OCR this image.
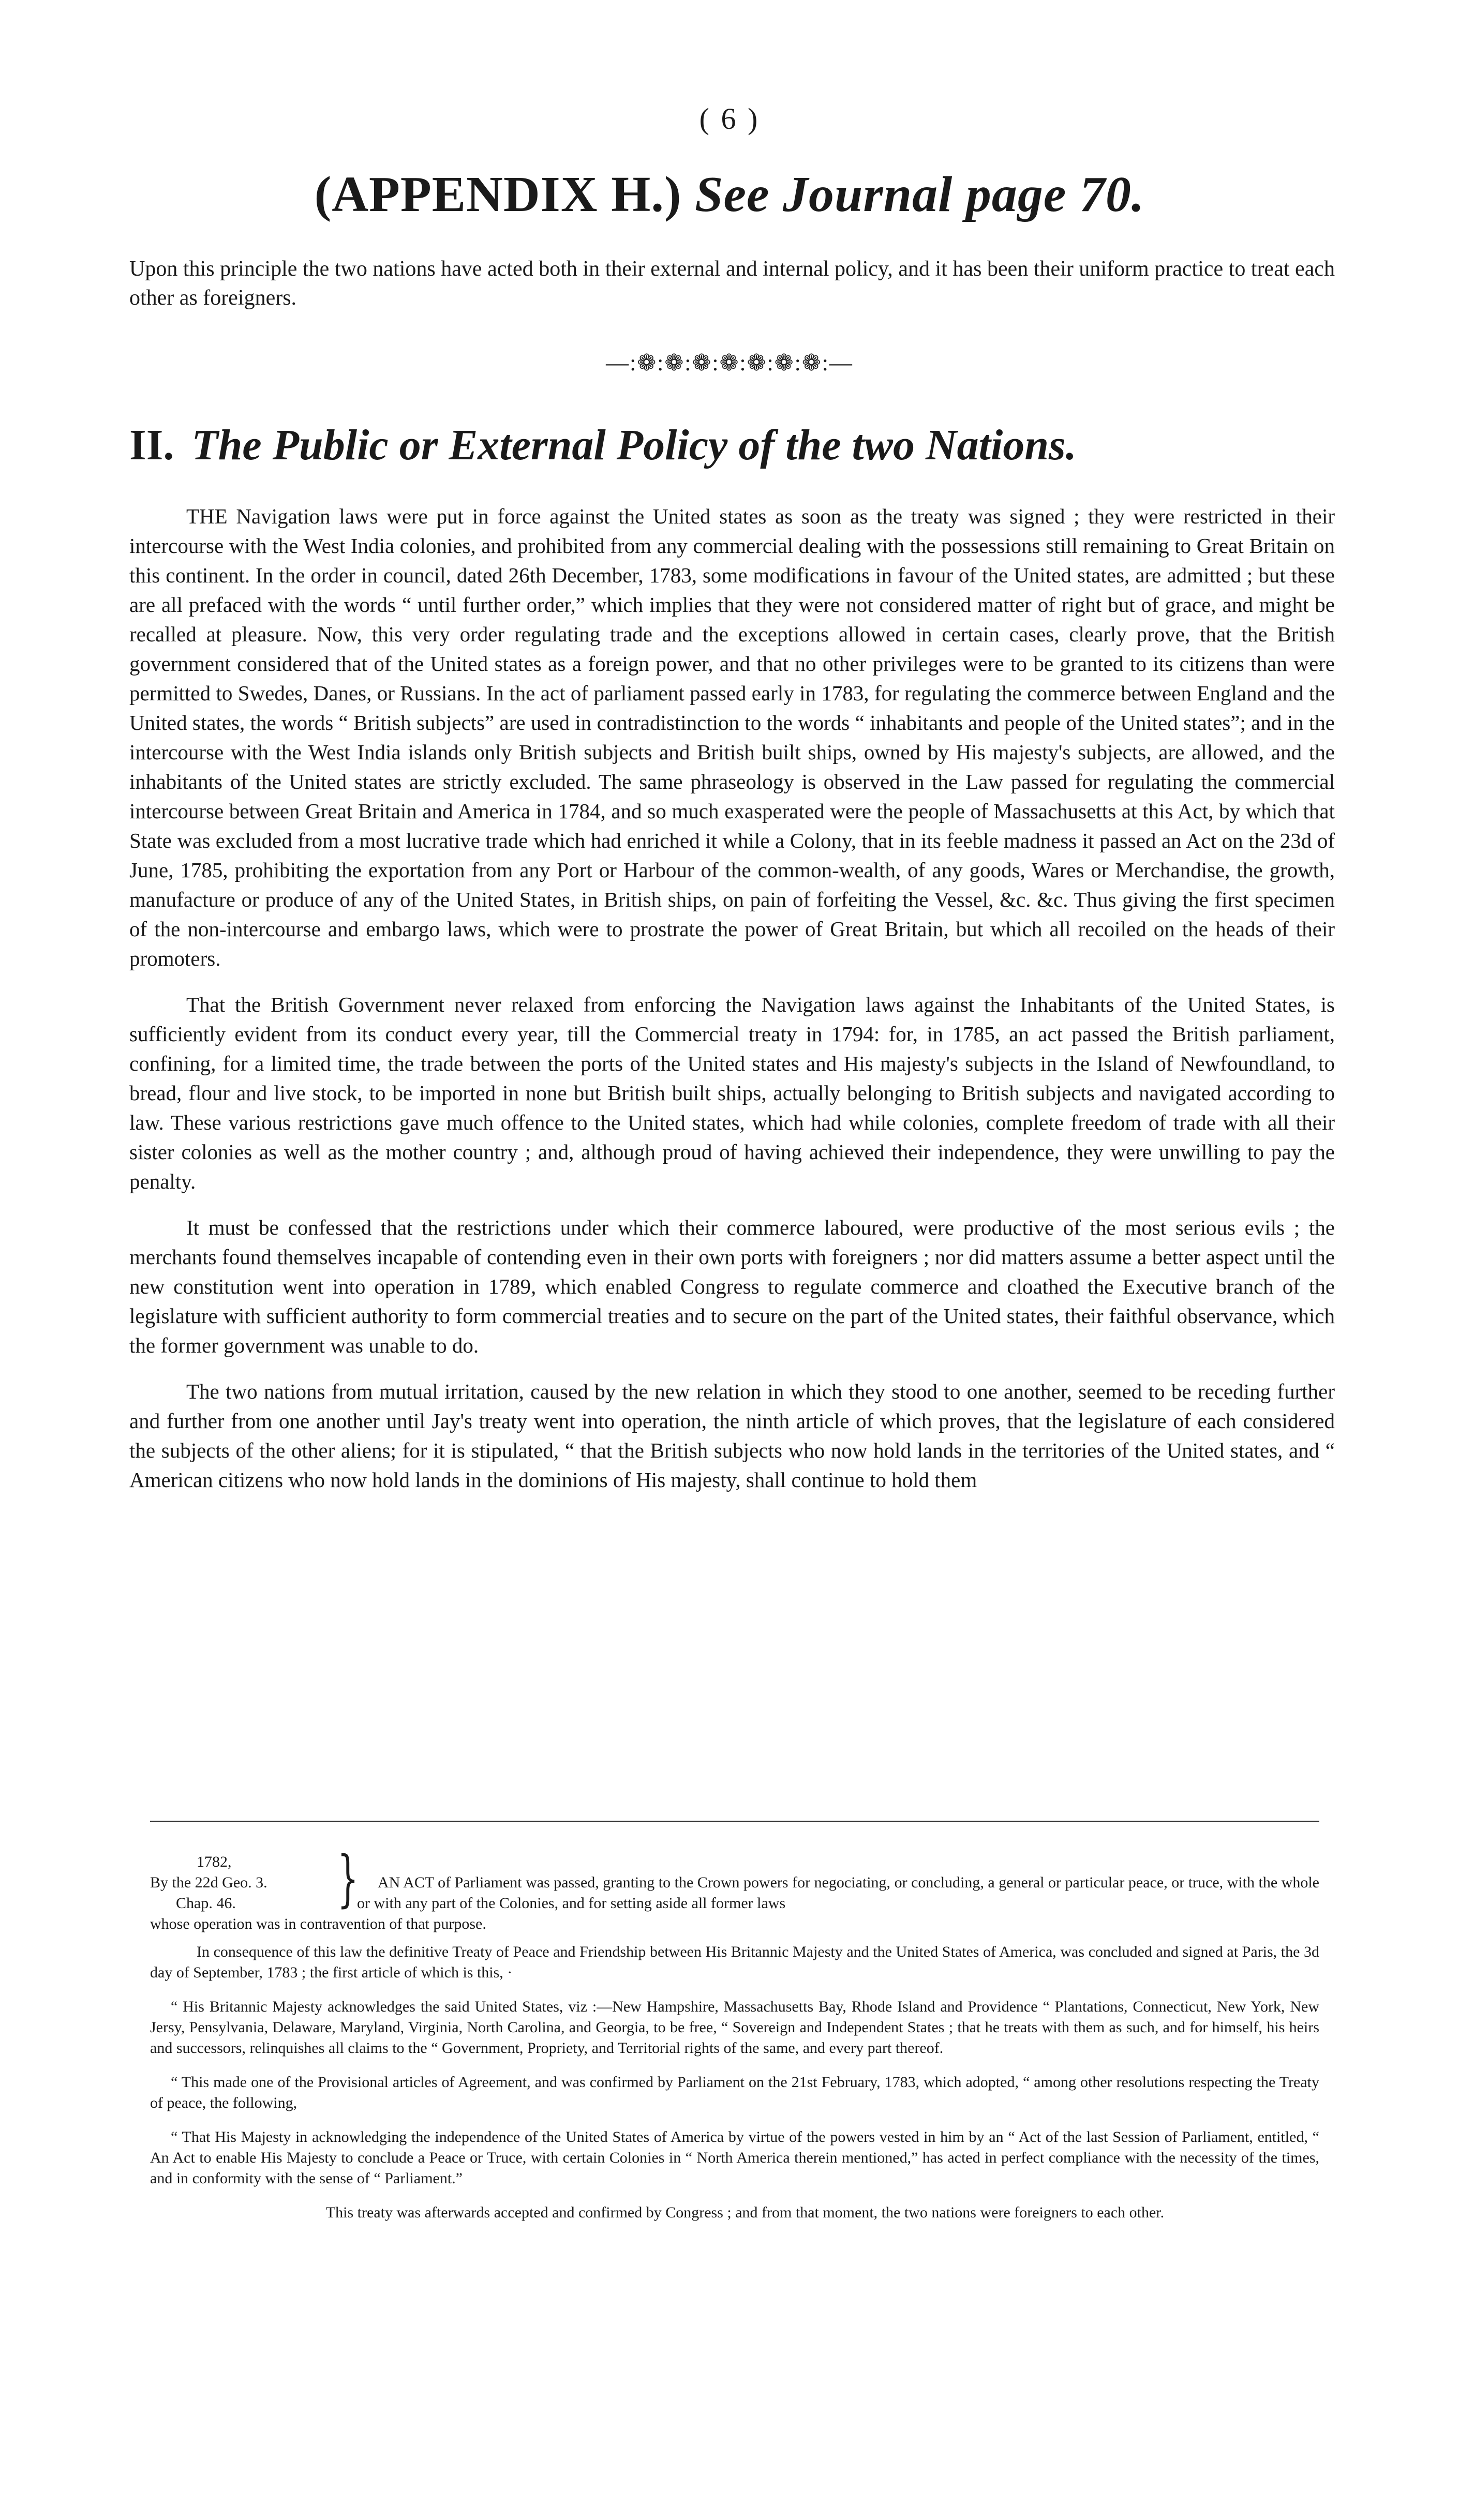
( 6 )
(APPENDIX H.) See Journal page 70.
Upon this principle the two nations have acted both in their external and internal policy, and it has been their uniform practice to treat each other as foreigners.
—:❁:❁:❁:❁:❁:❁:❁:—
II. The Public or External Policy of the two Nations.

THE Navigation laws were put in force against the United states as soon as the treaty was signed ; they were restricted in their intercourse with the West India colonies, and prohibited from any commercial dealing with the possessions still remaining to Great Britain on this continent. In the order in council, dated 26th December, 1783, some modifications in favour of the United states, are admitted ; but these are all prefaced with the words “ until further order,” which implies that they were not considered matter of right but of grace, and might be recalled at pleasure. Now, this very order regulating trade and the exceptions allowed in certain cases, clearly prove, that the British government considered that of the United states as a foreign power, and that no other privileges were to be granted to its citizens than were permitted to Swedes, Danes, or Russians. In the act of parliament passed early in 1783, for regulating the commerce between England and the United states, the words “ British subjects” are used in contradistinction to the words “ inhabitants and people of the United states”; and in the intercourse with the West India islands only British subjects and British built ships, owned by His majesty's subjects, are allowed, and the inhabitants of the United states are strictly excluded. The same phraseology is observed in the Law passed for regulating the commercial intercourse between Great Britain and America in 1784, and so much exasperated were the people of Massachusetts at this Act, by which that State was excluded from a most lucrative trade which had enriched it while a Colony, that in its feeble madness it passed an Act on the 23d of June, 1785, prohibiting the exportation from any Port or Harbour of the common-wealth, of any goods, Wares or Merchandise, the growth, manufacture or produce of any of the United States, in British ships, on pain of forfeiting the Vessel, &c. &c. Thus giving the first specimen of the non-intercourse and embargo laws, which were to prostrate the power of Great Britain, but which all recoiled on the heads of their promoters.

That the British Government never relaxed from enforcing the Navigation laws against the Inhabitants of the United States, is sufficiently evident from its conduct every year, till the Commercial treaty in 1794: for, in 1785, an act passed the British parliament, confining, for a limited time, the trade between the ports of the United states and His majesty's subjects in the Island of Newfoundland, to bread, flour and live stock, to be imported in none but British built ships, actually belonging to British subjects and navigated according to law. These various restrictions gave much offence to the United states, which had while colonies, complete freedom of trade with all their sister colonies as well as the mother country ; and, although proud of having achieved their independence, they were unwilling to pay the penalty.

It must be confessed that the restrictions under which their commerce laboured, were productive of the most serious evils ; the merchants found themselves incapable of contending even in their own ports with foreigners ; nor did matters assume a better aspect until the new constitution went into operation in 1789, which enabled Congress to regulate commerce and cloathed the Executive branch of the legislature with sufficient authority to form commercial treaties and to secure on the part of the United states, their faithful observance, which the former government was unable to do.

The two nations from mutual irritation, caused by the new relation in which they stood to one another, seemed to be receding further and further from one another until Jay's treaty went into operation, the ninth article of which proves, that the legislature of each considered the subjects of the other aliens; for it is stipulated, “ that the British subjects who now hold lands in the territories of the United states, and “ American citizens who now hold lands in the dominions of His majesty, shall continue to hold them

1782,
By the 22d Geo. 3.
Chap. 46. }	AN ACT of Parliament was passed, granting to the Crown powers for negociating, or concluding, a general or particular peace, or truce, with the whole or with any part of the Colonies, and for setting aside all former laws
whose operation was in contravention of that purpose.

In consequence of this law the definitive Treaty of Peace and Friendship between His Britannic Majesty and the United States of America, was concluded and signed at Paris, the 3d day of September, 1783 ; the first article of which is this, ·

“ His Britannic Majesty acknowledges the said United States, viz :—New Hampshire, Massachusetts Bay, Rhode Island and Providence “ Plantations, Connecticut, New York, New Jersy, Pensylvania, Delaware, Maryland, Virginia, North Carolina, and Georgia, to be free, “ Sovereign and Independent States ; that he treats with them as such, and for himself, his heirs and successors, relinquishes all claims to the “ Government, Propriety, and Territorial rights of the same, and every part thereof.

“ This made one of the Provisional articles of Agreement, and was confirmed by Parliament on the 21st February, 1783, which adopted, “ among other resolutions respecting the Treaty of peace, the following,

“ That His Majesty in acknowledging the independence of the United States of America by virtue of the powers vested in him by an “ Act of the last Session of Parliament, entitled, “ An Act to enable His Majesty to conclude a Peace or Truce, with certain Colonies in “ North America therein mentioned,” has acted in perfect compliance with the necessity of the times, and in conformity with the sense of “ Parliament.”

This treaty was afterwards accepted and confirmed by Congress ; and from that moment, the two nations were foreigners to each other.
